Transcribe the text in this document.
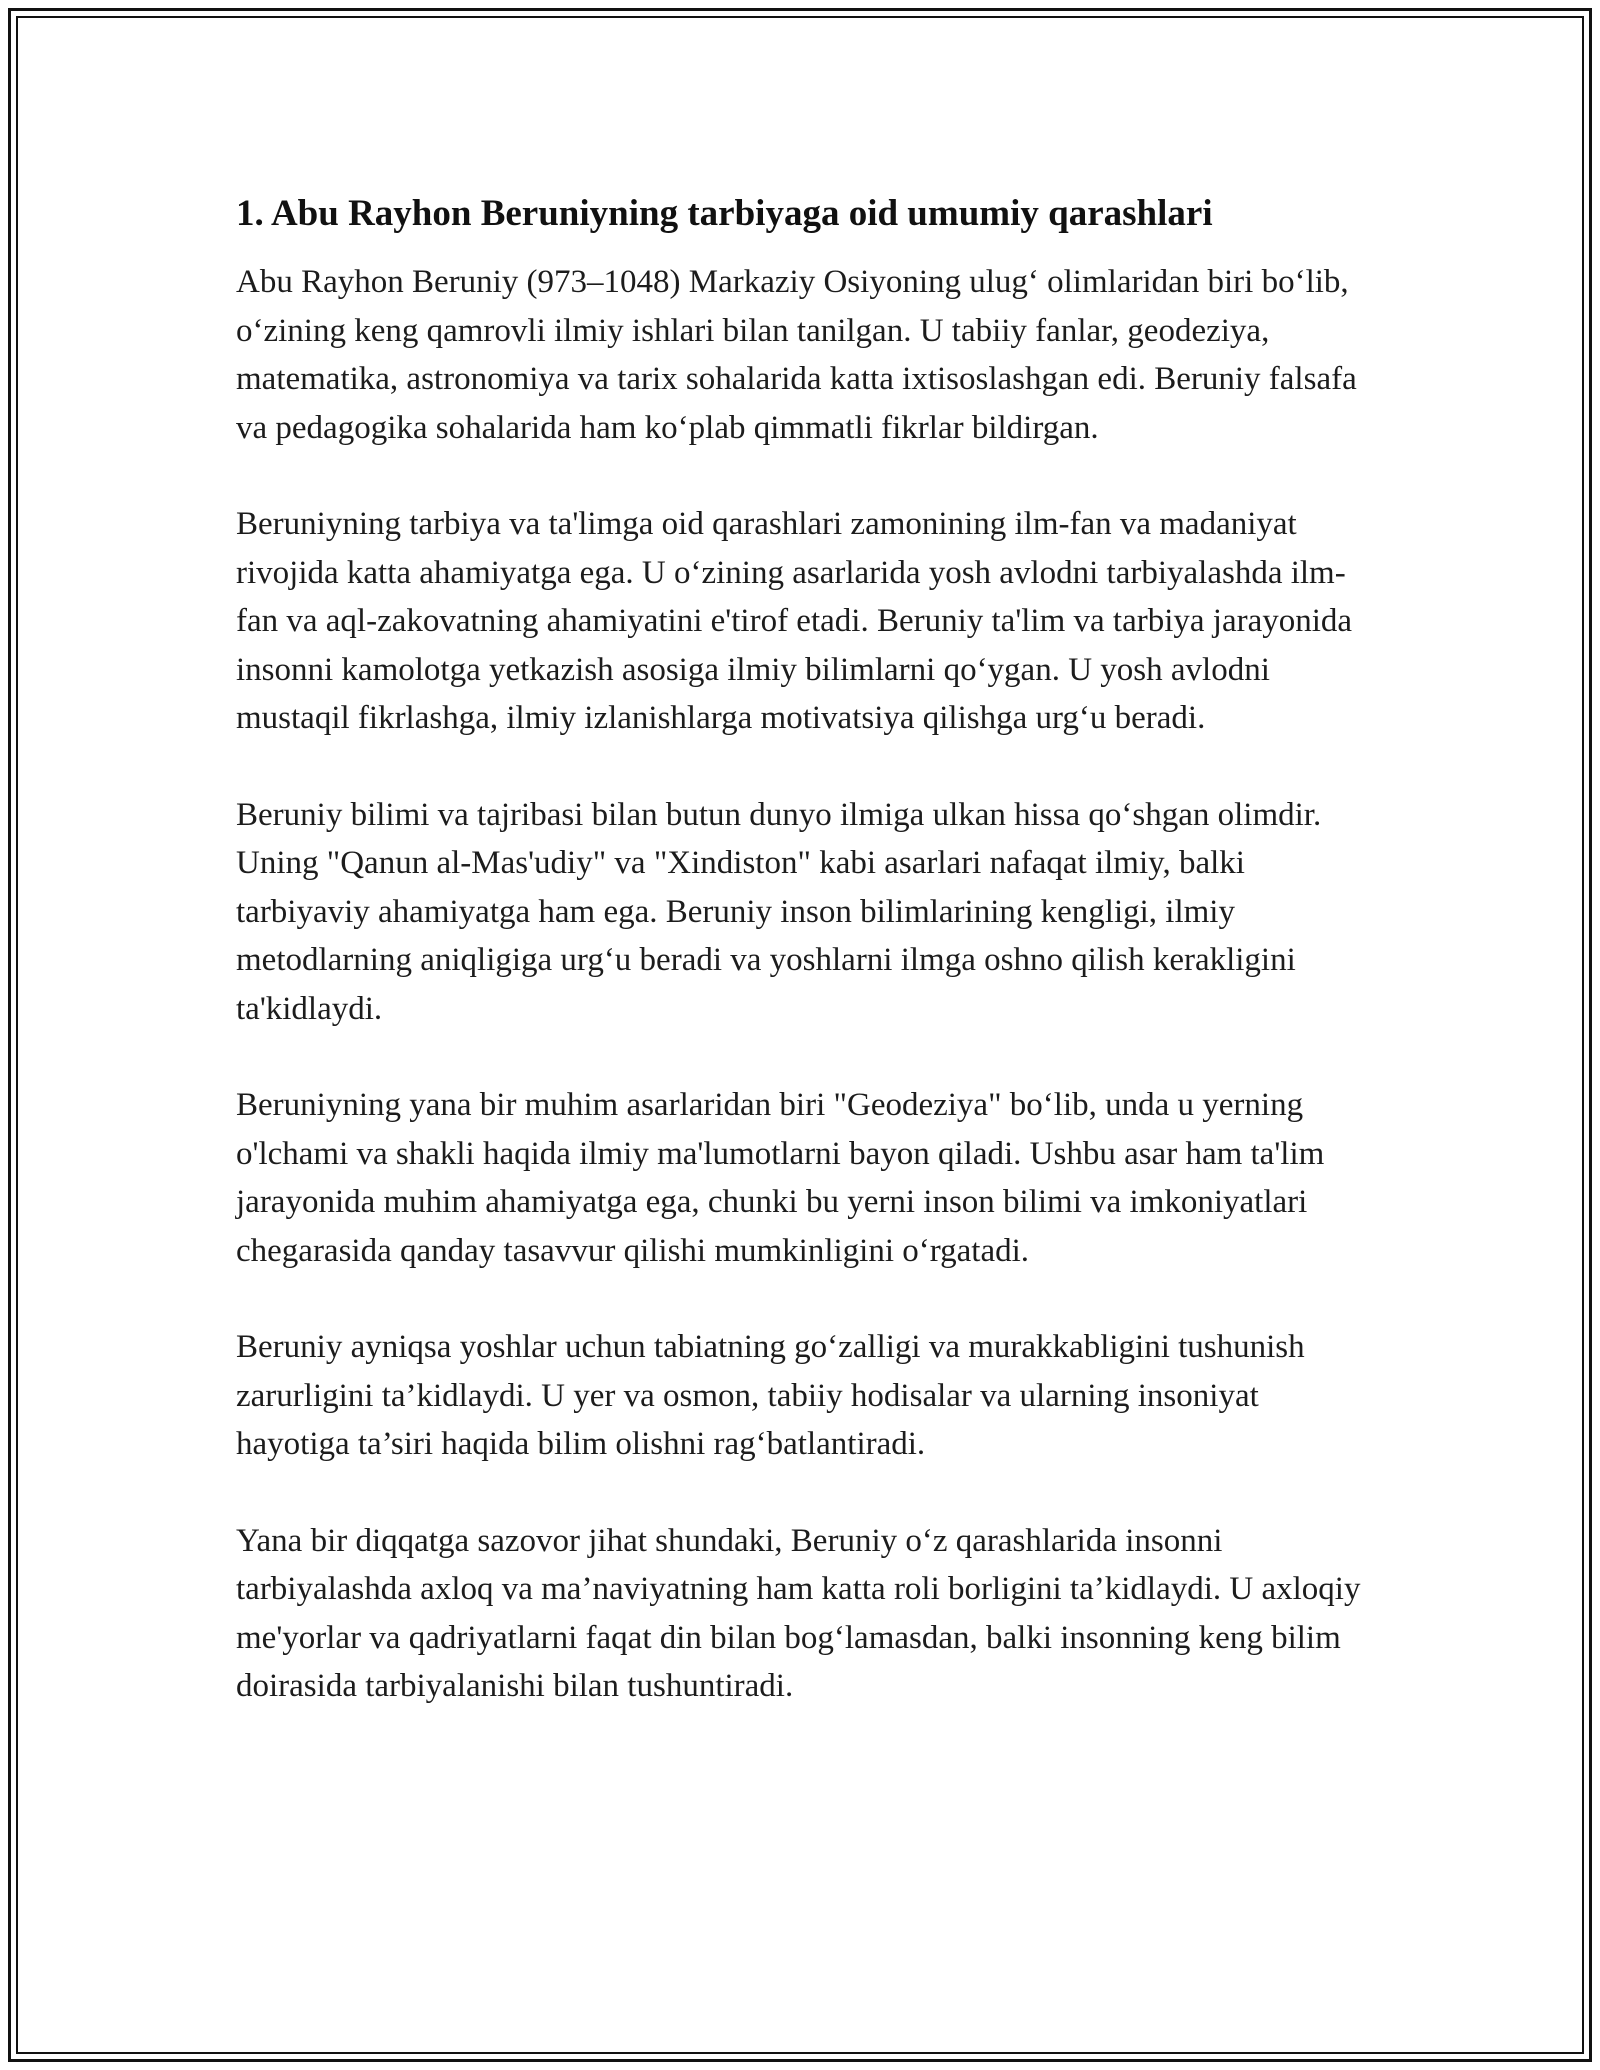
1. Abu Rayhon Beruniyning tarbiyaga oid umumiy qarashlari

Abu Rayhon Beruniy (973–1048) Markaziy Osiyoning ulug‘ olimlaridan biri bo‘lib, o‘zining keng qamrovli ilmiy ishlari bilan tanilgan. U tabiiy fanlar, geodeziya, matematika, astronomiya va tarix sohalarida katta ixtisoslashgan edi. Beruniy falsafa va pedagogika sohalarida ham ko‘plab qimmatli fikrlar bildirgan.

Beruniyning tarbiya va ta'limga oid qarashlari zamonining ilm-fan va madaniyat rivojida katta ahamiyatga ega. U o‘zining asarlarida yosh avlodni tarbiyalashda ilm-fan va aql-zakovatning ahamiyatini e'tirof etadi. Beruniy ta'lim va tarbiya jarayonida insonni kamolotga yetkazish asosiga ilmiy bilimlarni qo‘ygan. U yosh avlodni mustaqil fikrlashga, ilmiy izlanishlarga motivatsiya qilishga urg‘u beradi.

Beruniy bilimi va tajribasi bilan butun dunyo ilmiga ulkan hissa qo‘shgan olimdir. Uning "Qanun al-Mas'udiy" va "Xindiston" kabi asarlari nafaqat ilmiy, balki tarbiyaviy ahamiyatga ham ega. Beruniy inson bilimlarining kengligi, ilmiy metodlarning aniqligiga urg‘u beradi va yoshlarni ilmga oshno qilish kerakligini ta'kidlaydi.

Beruniyning yana bir muhim asarlaridan biri "Geodeziya" bo‘lib, unda u yerning o'lchami va shakli haqida ilmiy ma'lumotlarni bayon qiladi. Ushbu asar ham ta'lim jarayonida muhim ahamiyatga ega, chunki bu yerni inson bilimi va imkoniyatlari chegarasida qanday tasavvur qilishi mumkinligini o‘rgatadi.

Beruniy ayniqsa yoshlar uchun tabiatning go‘zalligi va murakkabligini tushunish zarurligini ta’kidlaydi. U yer va osmon, tabiiy hodisalar va ularning insoniyat hayotiga ta’siri haqida bilim olishni rag‘batlantiradi.

Yana bir diqqatga sazovor jihat shundaki, Beruniy o‘z qarashlarida insonni tarbiyalashda axloq va ma’naviyatning ham katta roli borligini ta’kidlaydi. U axloqiy me'yorlar va qadriyatlarni faqat din bilan bog‘lamasdan, balki insonning keng bilim doirasida tarbiyalanishi bilan tushuntiradi.
